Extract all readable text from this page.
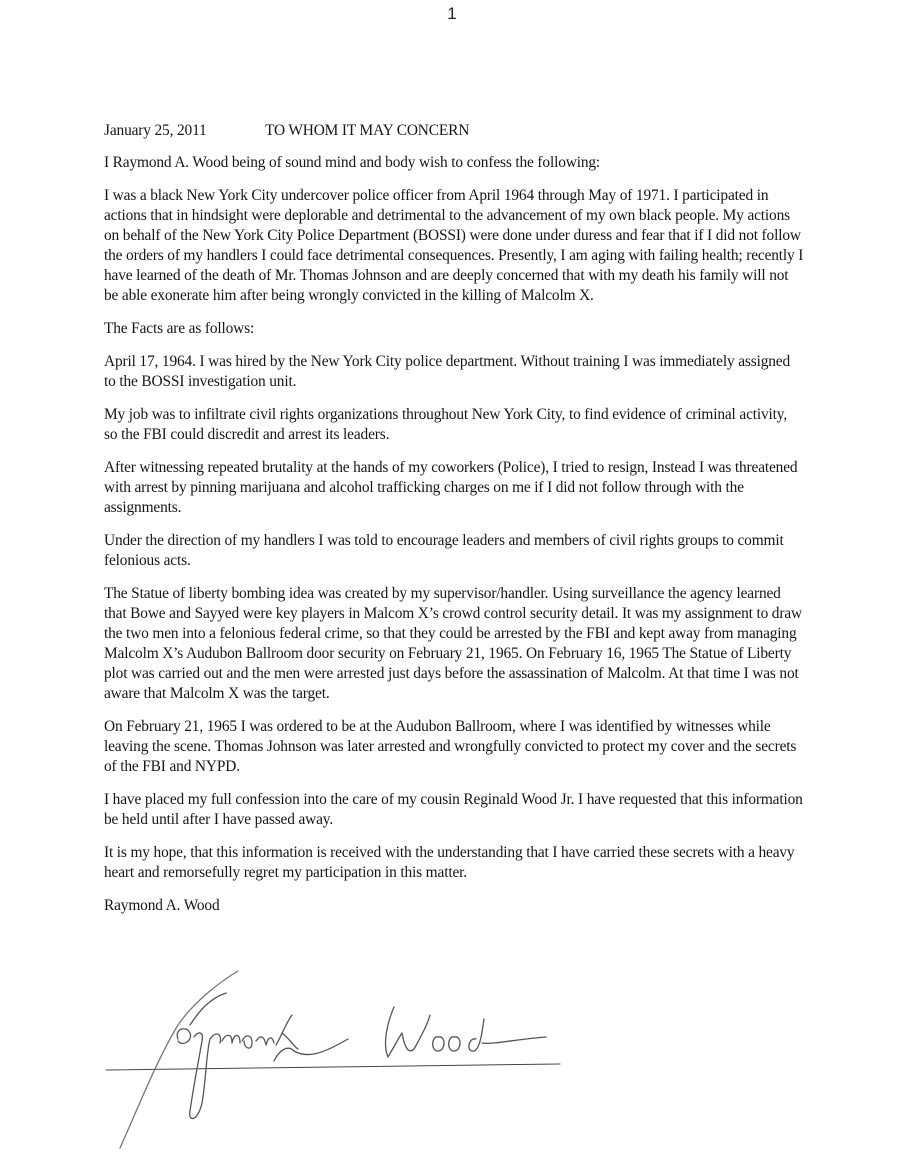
1
January 25, 2011	TO WHOM IT MAY CONCERN

I Raymond A. Wood being of sound mind and body wish to confess the following:

I was a black New York City undercover police officer from April 1964 through May of 1971. I participated in actions that in hindsight were deplorable and detrimental to the advancement of my own black people. My actions on behalf of the New York City Police Department (BOSSI) were done under duress and fear that if I did not follow the orders of my handlers I could face detrimental consequences. Presently, I am aging with failing health; recently I have learned of the death of Mr. Thomas Johnson and are deeply concerned that with my death his family will not be able exonerate him after being wrongly convicted in the killing of Malcolm X.

The Facts are as follows:

April 17, 1964. I was hired by the New York City police department. Without training I was immediately assigned to the BOSSI investigation unit.

My job was to infiltrate civil rights organizations throughout New York City, to find evidence of criminal activity, so the FBI could discredit and arrest its leaders.

After witnessing repeated brutality at the hands of my coworkers (Police), I tried to resign, Instead I was threatened with arrest by pinning marijuana and alcohol trafficking charges on me if I did not follow through with the assignments.

Under the direction of my handlers I was told to encourage leaders and members of civil rights groups to commit felonious acts.

The Statue of liberty bombing idea was created by my supervisor/handler. Using surveillance the agency learned that Bowe and Sayyed were key players in Malcom X’s crowd control security detail. It was my assignment to draw the two men into a felonious federal crime, so that they could be arrested by the FBI and kept away from managing Malcolm X’s Audubon Ballroom door security on February 21, 1965. On February 16, 1965 The Statue of Liberty plot was carried out and the men were arrested just days before the assassination of Malcolm. At that time I was not aware that Malcolm X was the target.

On February 21, 1965 I was ordered to be at the Audubon Ballroom, where I was identified by witnesses while leaving the scene. Thomas Johnson was later arrested and wrongfully convicted to protect my cover and the secrets of the FBI and NYPD.

I have placed my full confession into the care of my cousin Reginald Wood Jr. I have requested that this information be held until after I have passed away.

It is my hope, that this information is received with the understanding that I have carried these secrets with a heavy heart and remorsefully regret my participation in this matter.

Raymond A. Wood
